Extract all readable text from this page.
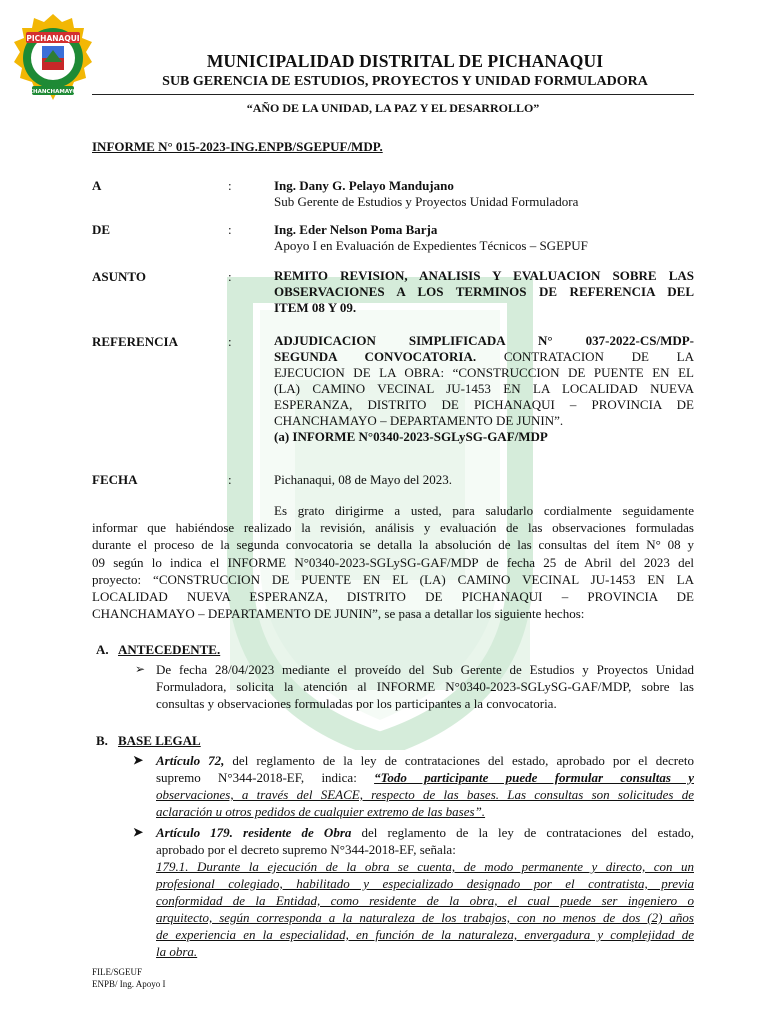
PICHANAQUI
CHANCHAMAYO
MUNICIPALIDAD DISTRITAL DE PICHANAQUI
SUB GERENCIA DE ESTUDIOS, PROYECTOS Y UNIDAD FORMULADORA
“AÑO DE LA UNIDAD, LA PAZ Y EL DESARROLLO”
INFORME N° 015-2023-ING.ENPB/SGEPUF/MDP.
A	:	Ing. Dany G. Pelayo Mandujano
Sub Gerente de Estudios y Proyectos Unidad Formuladora
DE	:	Ing. Eder Nelson Poma Barja
Apoyo I en Evaluación de Expedientes Técnicos – SGEPUF
ASUNTO	:	REMITO REVISION, ANALISIS Y EVALUACION SOBRE LAS
OBSERVACIONES A LOS TERMINOS DE REFERENCIA DEL
ITEM 08 Y 09.
REFERENCIA	:	ADJUDICACION SIMPLIFICADA N° 037-2022-CS/MDP-
SEGUNDA CONVOCATORIA. CONTRATACION DE LA
EJECUCION DE LA OBRA: “CONSTRUCCION DE PUENTE EN EL
(LA) CAMINO VECINAL JU-1453 EN LA LOCALIDAD NUEVA
ESPERANZA, DISTRITO DE PICHANAQUI – PROVINCIA DE
CHANCHAMAYO – DEPARTAMENTO DE JUNIN”.
(a) INFORME N°0340-2023-SGLySG-GAF/MDP
FECHA	:	Pichanaqui, 08 de Mayo del 2023.
Es grato dirigirme a usted, para saludarlo cordialmente seguidamente
informar que habiéndose realizado la revisión, análisis y evaluación de las observaciones formuladas
durante el proceso de la segunda convocatoria se detalla la absolución de las consultas del ítem N° 08 y
09 según lo indica el INFORME N°0340-2023-SGLySG-GAF/MDP de fecha 25 de Abril del 2023 del
proyecto: “CONSTRUCCION DE PUENTE EN EL (LA) CAMINO VECINAL JU-1453 EN LA
LOCALIDAD NUEVA ESPERANZA, DISTRITO DE PICHANAQUI – PROVINCIA DE
CHANCHAMAYO – DEPARTAMENTO DE JUNIN”, se pasa a detallar los siguiente hechos:
A. ANTECEDENTE.
➢ De fecha 28/04/2023 mediante el proveído del Sub Gerente de Estudios y Proyectos Unidad
Formuladora, solicita la atención al INFORME N°0340-2023-SGLySG-GAF/MDP, sobre las
consultas y observaciones formuladas por los participantes a la convocatoria.
B. BASE LEGAL
➤ Artículo 72, del reglamento de la ley de contrataciones del estado, aprobado por el decreto
supremo N°344-2018-EF, indica: “Todo participante puede formular consultas y
observaciones, a través del SEACE, respecto de las bases. Las consultas son solicitudes de
aclaración u otros pedidos de cualquier extremo de las bases”.
➤ Artículo 179. residente de Obra del reglamento de la ley de contrataciones del estado,
aprobado por el decreto supremo N°344-2018-EF, señala:
179.1. Durante la ejecución de la obra se cuenta, de modo permanente y directo, con un
profesional colegiado, habilitado y especializado designado por el contratista, previa
conformidad de la Entidad, como residente de la obra, el cual puede ser ingeniero o
arquitecto, según corresponda a la naturaleza de los trabajos, con no menos de dos (2) años
de experiencia en la especialidad, en función de la naturaleza, envergadura y complejidad de
la obra.
FILE/SGEUF
ENPB/ Ing. Apoyo I
